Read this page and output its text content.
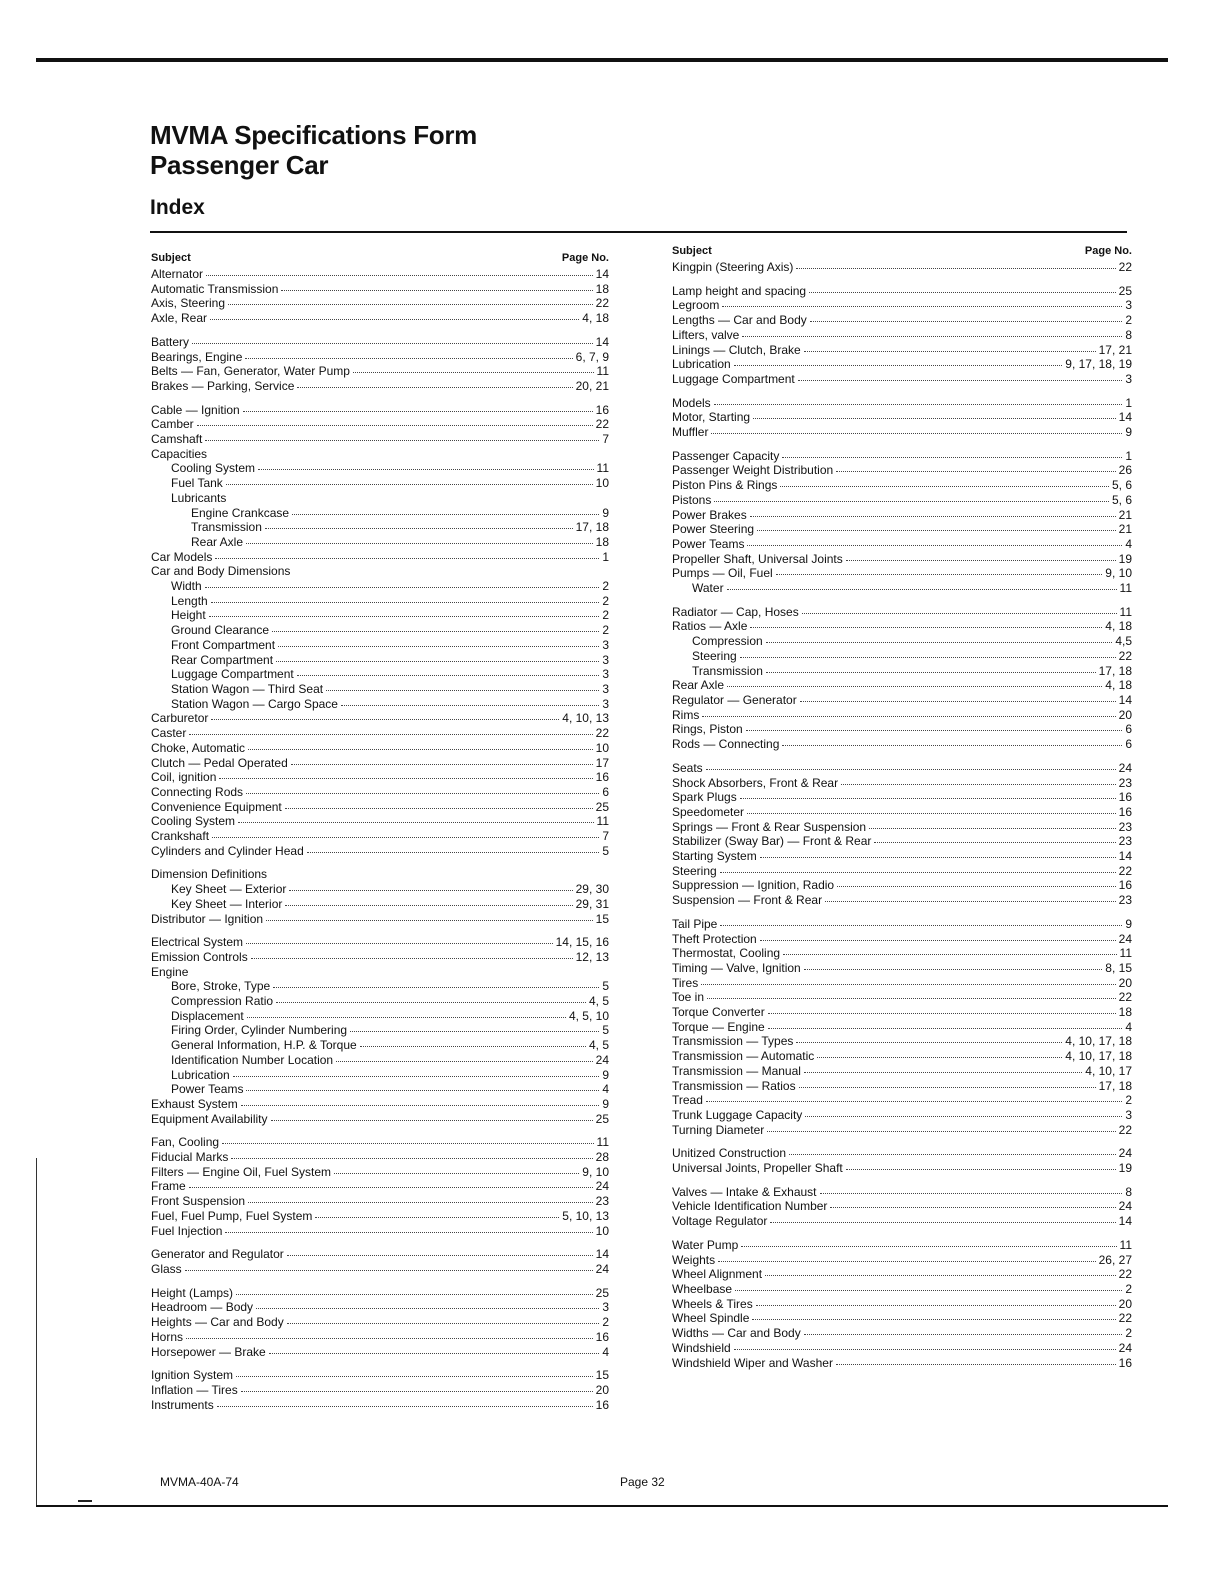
MVMA Specifications Form
Passenger Car
Index
Subject	Page No.
Alternator	14
Automatic Transmission	18
Axis, Steering	22
Axle, Rear	4, 18
Battery	14
Bearings, Engine	6, 7, 9
Belts — Fan, Generator, Water Pump	11
Brakes — Parking, Service	20, 21
Cable — Ignition	16
Camber	22
Camshaft	7
Capacities
Cooling System	11
Fuel Tank	10
Lubricants
Engine Crankcase	9
Transmission	17, 18
Rear Axle	18
Car Models	1
Car and Body Dimensions
Width	2
Length	2
Height	2
Ground Clearance	2
Front Compartment	3
Rear Compartment	3
Luggage Compartment	3
Station Wagon — Third Seat	3
Station Wagon — Cargo Space	3
Carburetor	4, 10, 13
Caster	22
Choke, Automatic	10
Clutch — Pedal Operated	17
Coil, ignition	16
Connecting Rods	6
Convenience Equipment	25
Cooling System	11
Crankshaft	7
Cylinders and Cylinder Head	5
Dimension Definitions
Key Sheet — Exterior	29, 30
Key Sheet — Interior	29, 31
Distributor — Ignition	15
Electrical System	14, 15, 16
Emission Controls	12, 13
Engine
Bore, Stroke, Type	5
Compression Ratio	4, 5
Displacement	4, 5, 10
Firing Order, Cylinder Numbering	5
General Information, H.P. & Torque	4, 5
Identification Number Location	24
Lubrication	9
Power Teams	4
Exhaust System	9
Equipment Availability	25
Fan, Cooling	11
Fiducial Marks	28
Filters — Engine Oil, Fuel System	9, 10
Frame	24
Front Suspension	23
Fuel, Fuel Pump, Fuel System	5, 10, 13
Fuel Injection	10
Generator and Regulator	14
Glass	24
Height (Lamps)	25
Headroom — Body	3
Heights — Car and Body	2
Horns	16
Horsepower — Brake	4
Ignition System	15
Inflation — Tires	20
Instruments	16
Subject	Page No.
Kingpin (Steering Axis)	22
Lamp height and spacing	25
Legroom	3
Lengths — Car and Body	2
Lifters, valve	8
Linings — Clutch, Brake	17, 21
Lubrication	9, 17, 18, 19
Luggage Compartment	3
Models	1
Motor, Starting	14
Muffler	9
Passenger Capacity	1
Passenger Weight Distribution	26
Piston Pins & Rings	5, 6
Pistons	5, 6
Power Brakes	21
Power Steering	21
Power Teams	4
Propeller Shaft, Universal Joints	19
Pumps — Oil, Fuel	9, 10
Water	11
Radiator — Cap, Hoses	11
Ratios — Axle	4, 18
Compression	4,5
Steering	22
Transmission	17, 18
Rear Axle	4, 18
Regulator — Generator	14
Rims	20
Rings, Piston	6
Rods — Connecting	6
Seats	24
Shock Absorbers, Front & Rear	23
Spark Plugs	16
Speedometer	16
Springs — Front & Rear Suspension	23
Stabilizer (Sway Bar) — Front & Rear	23
Starting System	14
Steering	22
Suppression — Ignition, Radio	16
Suspension — Front & Rear	23
Tail Pipe	9
Theft Protection	24
Thermostat, Cooling	11
Timing — Valve, Ignition	8, 15
Tires	20
Toe in	22
Torque Converter	18
Torque — Engine	4
Transmission — Types	4, 10, 17, 18
Transmission — Automatic	4, 10, 17, 18
Transmission — Manual	4, 10, 17
Transmission — Ratios	17, 18
Tread	2
Trunk Luggage Capacity	3
Turning Diameter	22
Unitized Construction	24
Universal Joints, Propeller Shaft	19
Valves — Intake & Exhaust	8
Vehicle Identification Number	24
Voltage Regulator	14
Water Pump	11
Weights	26, 27
Wheel Alignment	22
Wheelbase	2
Wheels & Tires	20
Wheel Spindle	22
Widths — Car and Body	2
Windshield	24
Windshield Wiper and Washer	16
MVMA-40A-74	Page 32
